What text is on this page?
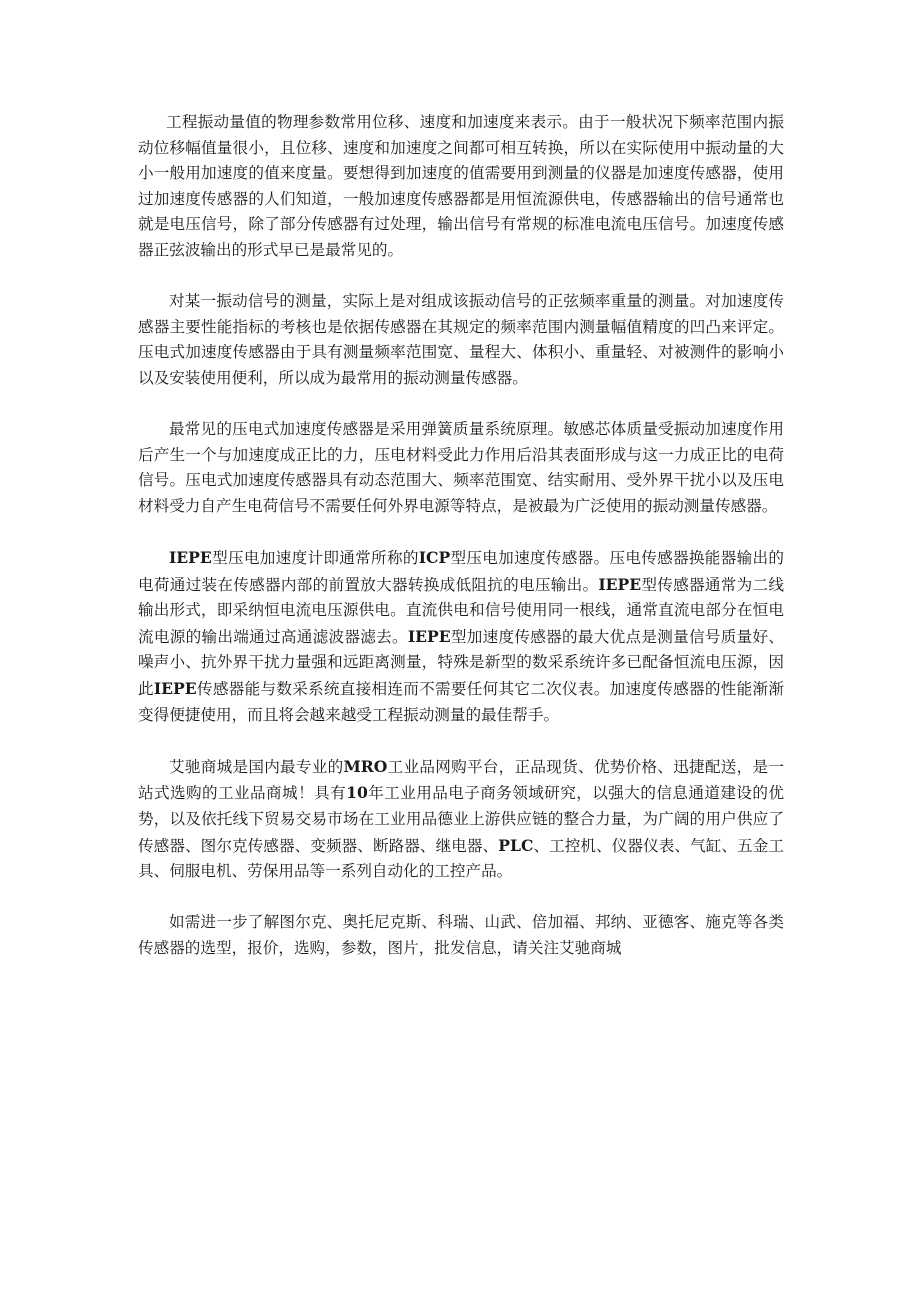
工程振动量值的物理参数常用位移、速度和加速度来表示。由于一般状况下频率范围内振动位移幅值量很小，且位移、速度和加速度之间都可相互转换，所以在实际使用中振动量的大小一般用加速度的值来度量。要想得到加速度的值需要用到测量的仪器是加速度传感器，使用过加速度传感器的人们知道，一般加速度传感器都是用恒流源供电，传感器输出的信号通常也就是电压信号，除了部分传感器有过处理，输出信号有常规的标准电流电压信号。加速度传感器正弦波输出的形式早已是最常见的。

对某一振动信号的测量，实际上是对组成该振动信号的正弦频率重量的测量。对加速度传感器主要性能指标的考核也是依据传感器在其规定的频率范围内测量幅值精度的凹凸来评定。压电式加速度传感器由于具有测量频率范围宽、量程大、体积小、重量轻、对被测件的影响小以及安装使用便利，所以成为最常用的振动测量传感器。

最常见的压电式加速度传感器是采用弹簧质量系统原理。敏感芯体质量受振动加速度作用后产生一个与加速度成正比的力，压电材料受此力作用后沿其表面形成与这一力成正比的电荷信号。压电式加速度传感器具有动态范围大、频率范围宽、结实耐用、受外界干扰小以及压电材料受力自产生电荷信号不需要任何外界电源等特点，是被最为广泛使用的振动测量传感器。

IEPE型压电加速度计即通常所称的ICP型压电加速度传感器。压电传感器换能器输出的电荷通过装在传感器内部的前置放大器转换成低阻抗的电压输出。IEPE型传感器通常为二线输出形式，即采纳恒电流电压源供电。直流供电和信号使用同一根线，通常直流电部分在恒电流电源的输出端通过高通滤波器滤去。IEPE型加速度传感器的最大优点是测量信号质量好、噪声小、抗外界干扰力量强和远距离测量，特殊是新型的数采系统许多已配备恒流电压源，因此IEPE传感器能与数采系统直接相连而不需要任何其它二次仪表。加速度传感器的性能渐渐变得便捷使用，而且将会越来越受工程振动测量的最佳帮手。

艾驰商城是国内最专业的MRO工业品网购平台，正品现货、优势价格、迅捷配送，是一站式选购的工业品商城！具有10年工业用品电子商务领域研究，以强大的信息通道建设的优势，以及依托线下贸易交易市场在工业用品德业上游供应链的整合力量，为广阔的用户供应了传感器、图尔克传感器、变频器、断路器、继电器、PLC、工控机、仪器仪表、气缸、五金工具、伺服电机、劳保用品等一系列自动化的工控产品。

如需进一步了解图尔克、奥托尼克斯、科瑞、山武、倍加福、邦纳、亚德客、施克等各类传感器的选型，报价，选购，参数，图片，批发信息，请关注艾驰商城
